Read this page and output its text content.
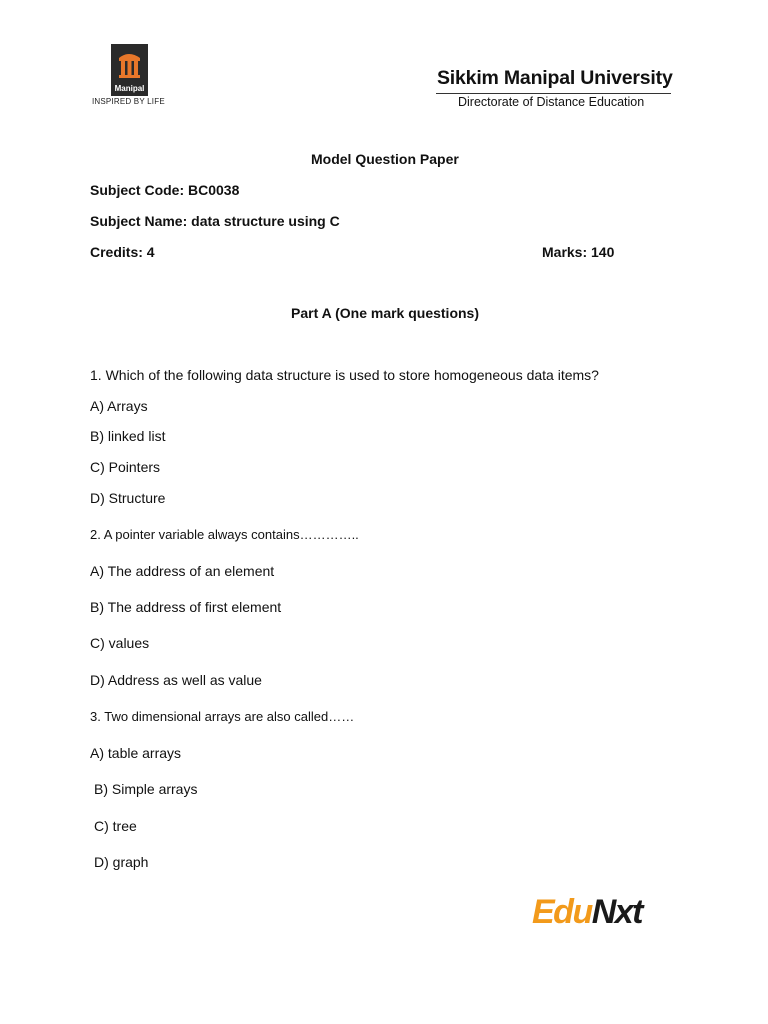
Manipal
INSPIRED BY LIFE
Sikkim Manipal University
Directorate of Distance Education
Model Question Paper
Subject Code: BC0038
Subject Name: data structure using C
Credits: 4	Marks: 140
Part A (One mark questions)
1. Which of the following data structure is used to store homogeneous data items?
A) Arrays
B) linked list
C) Pointers
D) Structure
2. A pointer variable always contains…………..
A) The address of an element
B) The address of first element
C) values
D) Address as well as value
3. Two dimensional arrays are also called……
A) table arrays
B) Simple arrays
C) tree
D) graph
EduNxt
